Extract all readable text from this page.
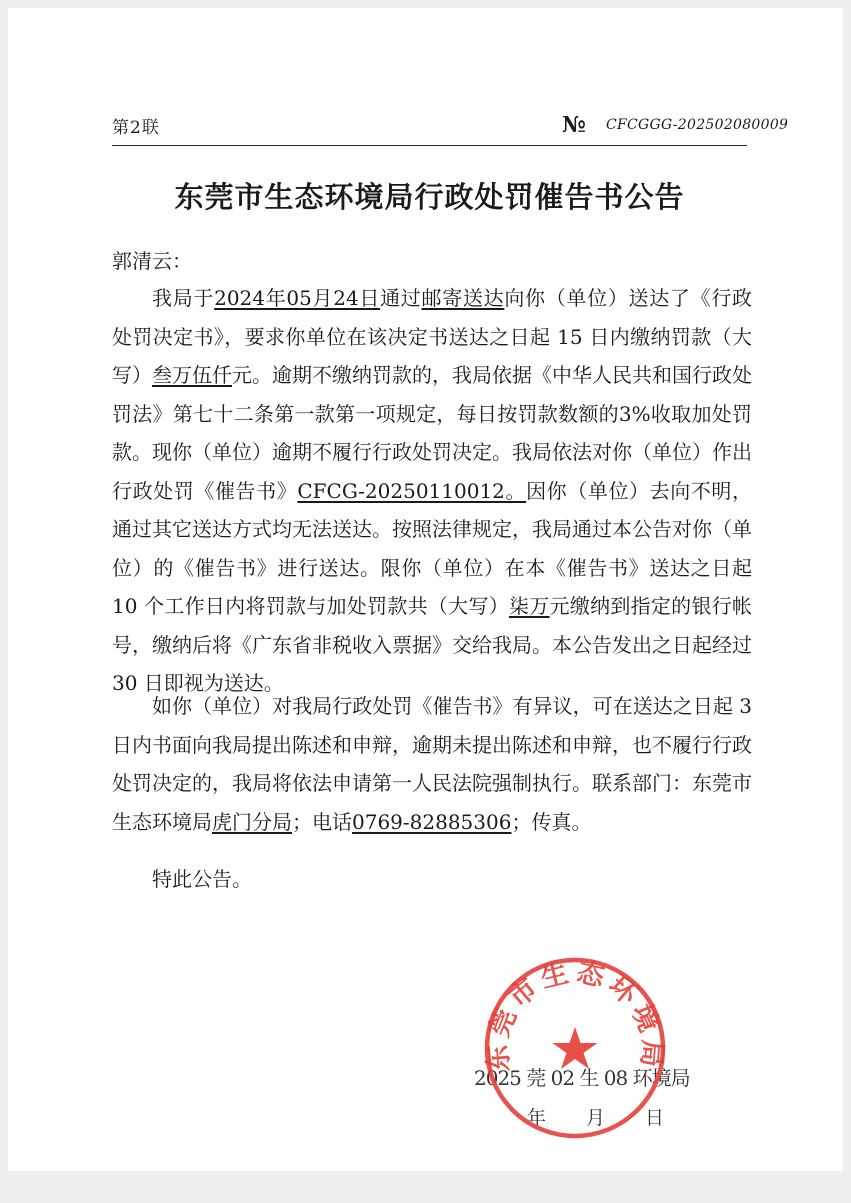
第2联	№ CFCGGG-202502080009
东莞市生态环境局行政处罚催告书公告
郭清云：

我局于2024年05月24日通过邮寄送达向你（单位）送达了《行政处罚决定书》，要求你单位在该决定书送达之日起 15 日内缴纳罚款（大写）叁万伍仟元。逾期不缴纳罚款的，我局依据《中华人民共和国行政处罚法》第七十二条第一款第一项规定，每日按罚款数额的3%收取加处罚款。 现你（单位）逾期不履行行政处罚决定。我局依法对你（单位）作出行政处罚《催告书》CFCG-20250110012。因你（单位）去向不明，通过其它送达方式均无法送达。按照法律规定，我局通过本公告对你（单位）的《催告书》进行送达。限你（单位）在本《催告书》送达之日起 10 个工作日内将罚款与加处罚款共（大写）柒万元缴纳到指定的银行帐号，缴纳后将《广东省非税收入票据》交给我局。本公告发出之日起经过 30 日即视为送达。

如你（单位）对我局行政处罚《催告书》有异议，可在送达之日起 3 日内书面向我局提出陈述和申辩，逾期未提出陈述和申辩，也不履行行政处罚决定的，我局将依法申请第一人民法院强制执行。联系部门：东莞市生态环境局虎门分局；电话0769-82885306；传真。

特此公告。

2025 莞 02 生 08 环境局
年月日
东莞市生态环境局
